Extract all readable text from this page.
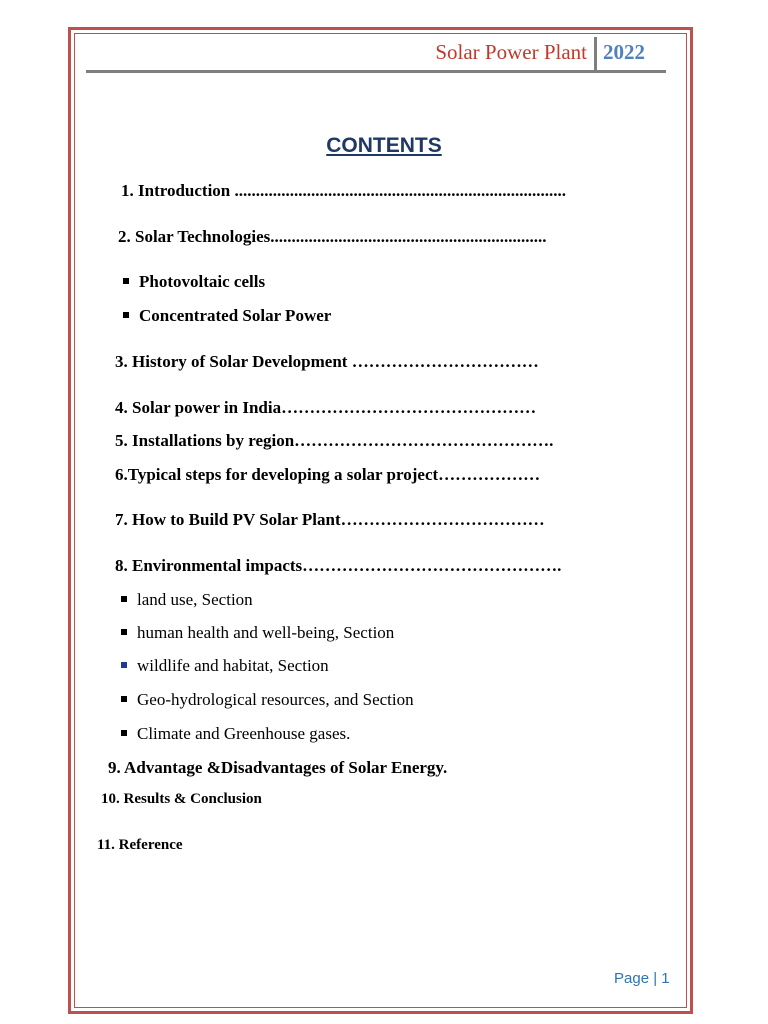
Solar Power Plant 2022
CONTENTS
1. Introduction ..............................................................................
2. Solar Technologies.................................................................
Photovoltaic cells
Concentrated Solar Power
3. History of Solar Development ……………………………
4. Solar power in India………………………………………
5. Installations by region……………………………………….
6.Typical steps for developing a solar project………………
7. How to Build PV Solar Plant………………………………
8. Environmental impacts……………………………………….
land use, Section
human health and well-being, Section
wildlife and habitat, Section
Geo-hydrological resources, and Section
Climate and Greenhouse gases.
9. Advantage &Disadvantages of Solar Energy.
10. Results & Conclusion
11. Reference
Page | 1
